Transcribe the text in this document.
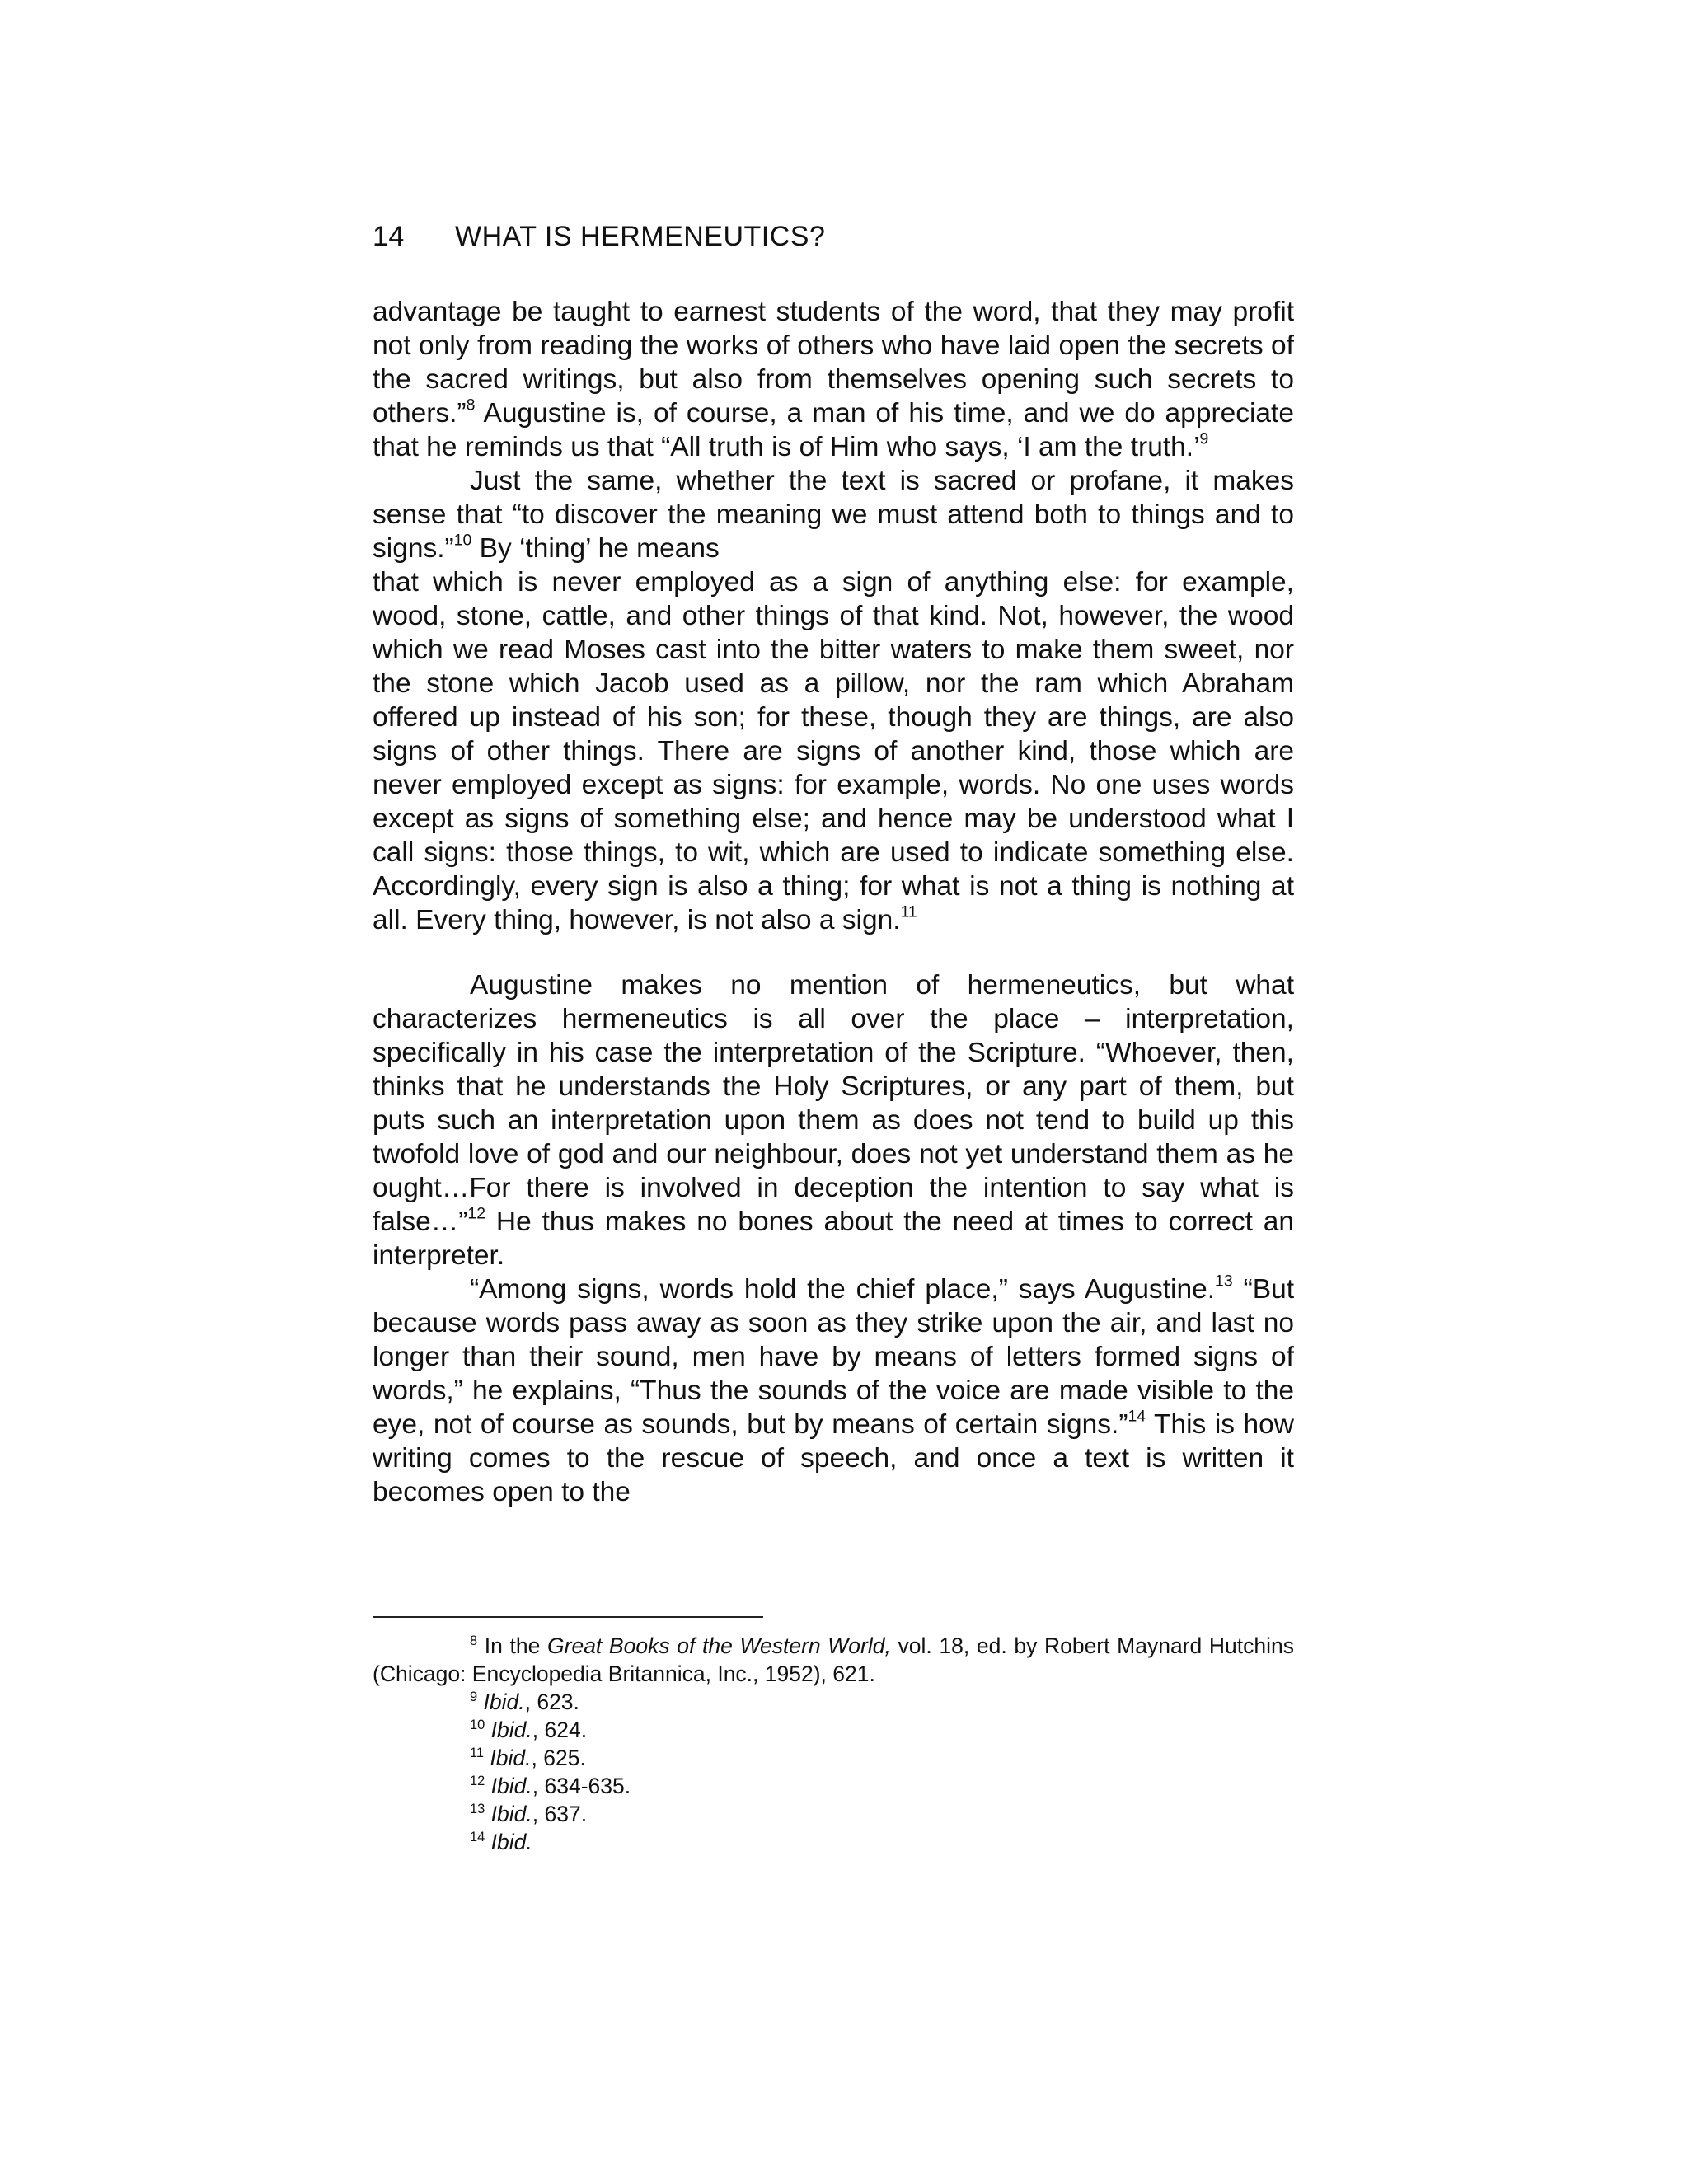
14 WHAT IS HERMENEUTICS?

advantage be taught to earnest students of the word, that they may profit not only from reading the works of others who have laid open the secrets of the sacred writings, but also from themselves opening such secrets to others.”$^8$ Augustine is, of course, a man of his time, and we do appreciate that he reminds us that “All truth is of Him who says, ‘I am the truth.’$^9$

Just the same, whether the text is sacred or profane, it makes sense that “to discover the meaning we must attend both to things and to signs.”$^{10}$ By ‘thing’ he means

that which is never employed as a sign of anything else: for example, wood, stone, cattle, and other things of that kind. Not, however, the wood which we read Moses cast into the bitter waters to make them sweet, nor the stone which Jacob used as a pillow, nor the ram which Abraham offered up instead of his son; for these, though they are things, are also signs of other things. There are signs of another kind, those which are never employed except as signs: for example, words. No one uses words except as signs of something else; and hence may be understood what I call signs: those things, to wit, which are used to indicate something else. Accordingly, every sign is also a thing; for what is not a thing is nothing at all. Every thing, however, is not also a sign.$^{11}$

Augustine makes no mention of hermeneutics, but what characterizes hermeneutics is all over the place – interpretation, specifically in his case the interpretation of the Scripture. “Whoever, then, thinks that he understands the Holy Scriptures, or any part of them, but puts such an interpretation upon them as does not tend to build up this twofold love of god and our neighbour, does not yet understand them as he ought…For there is involved in deception the intention to say what is false…”$^{12}$ He thus makes no bones about the need at times to correct an interpreter.

“Among signs, words hold the chief place,” says Augustine.$^{13}$ “But because words pass away as soon as they strike upon the air, and last no longer than their sound, men have by means of letters formed signs of words,” he explains, “Thus the sounds of the voice are made visible to the eye, not of course as sounds, but by means of certain signs.”$^{14}$ This is how writing comes to the rescue of speech, and once a text is written it becomes open to the

$^8$ In the Great Books of the Western World, vol. 18, ed. by Robert Maynard Hutchins (Chicago: Encyclopedia Britannica, Inc., 1952), 621.

$^9$ Ibid., 623.

$^{10}$ Ibid., 624.

$^{11}$ Ibid., 625.

$^{12}$ Ibid., 634-635.

$^{13}$ Ibid., 637.

$^{14}$ Ibid.
